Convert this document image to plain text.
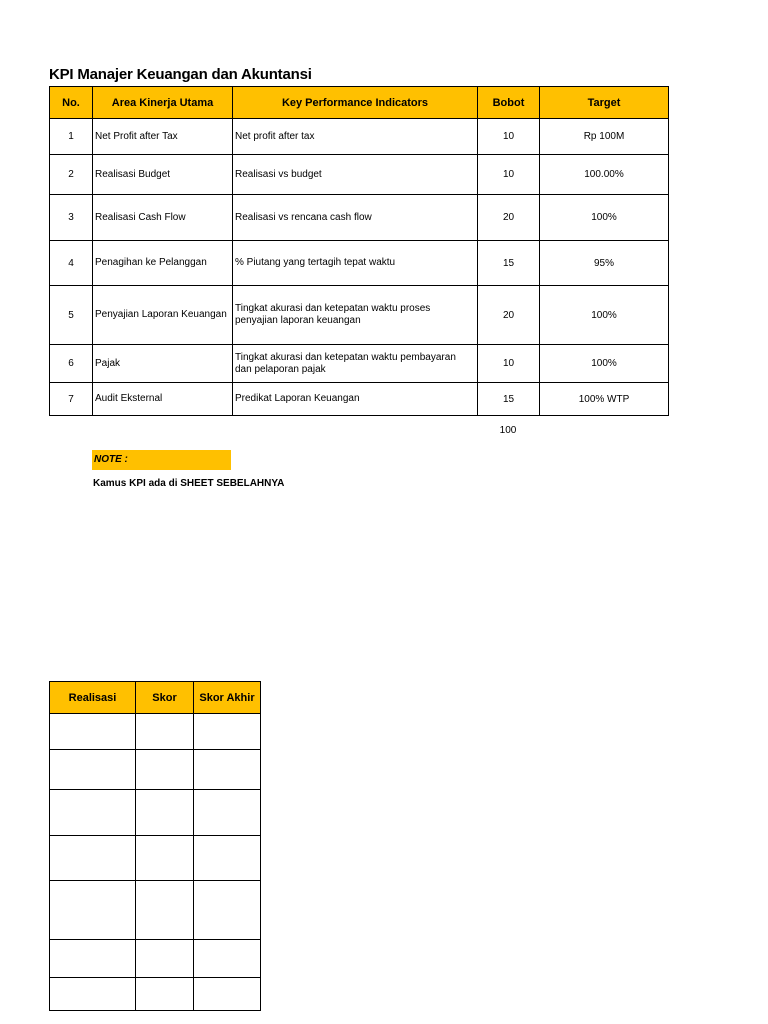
KPI Manajer Keuangan dan Akuntansi
No.	Area Kinerja Utama	Key Performance Indicators	Bobot	Target
1	Net Profit after Tax	Net profit after tax	10	Rp 100M
2	Realisasi Budget	Realisasi vs budget	10	100.00%
3	Realisasi Cash Flow	Realisasi vs rencana cash flow	20	100%
4	Penagihan ke Pelanggan	% Piutang yang tertagih tepat waktu	15	95%
5	Penyajian Laporan Keuangan	Tingkat akurasi dan ketepatan waktu proses penyajian laporan keuangan	20	100%
6	Pajak	Tingkat akurasi dan ketepatan waktu pembayaran dan pelaporan pajak	10	100%
7	Audit Eksternal	Predikat Laporan Keuangan	15	100% WTP
100
NOTE :
Kamus KPI ada di SHEET SEBELAHNYA
Realisasi	Skor	Skor Akhir
